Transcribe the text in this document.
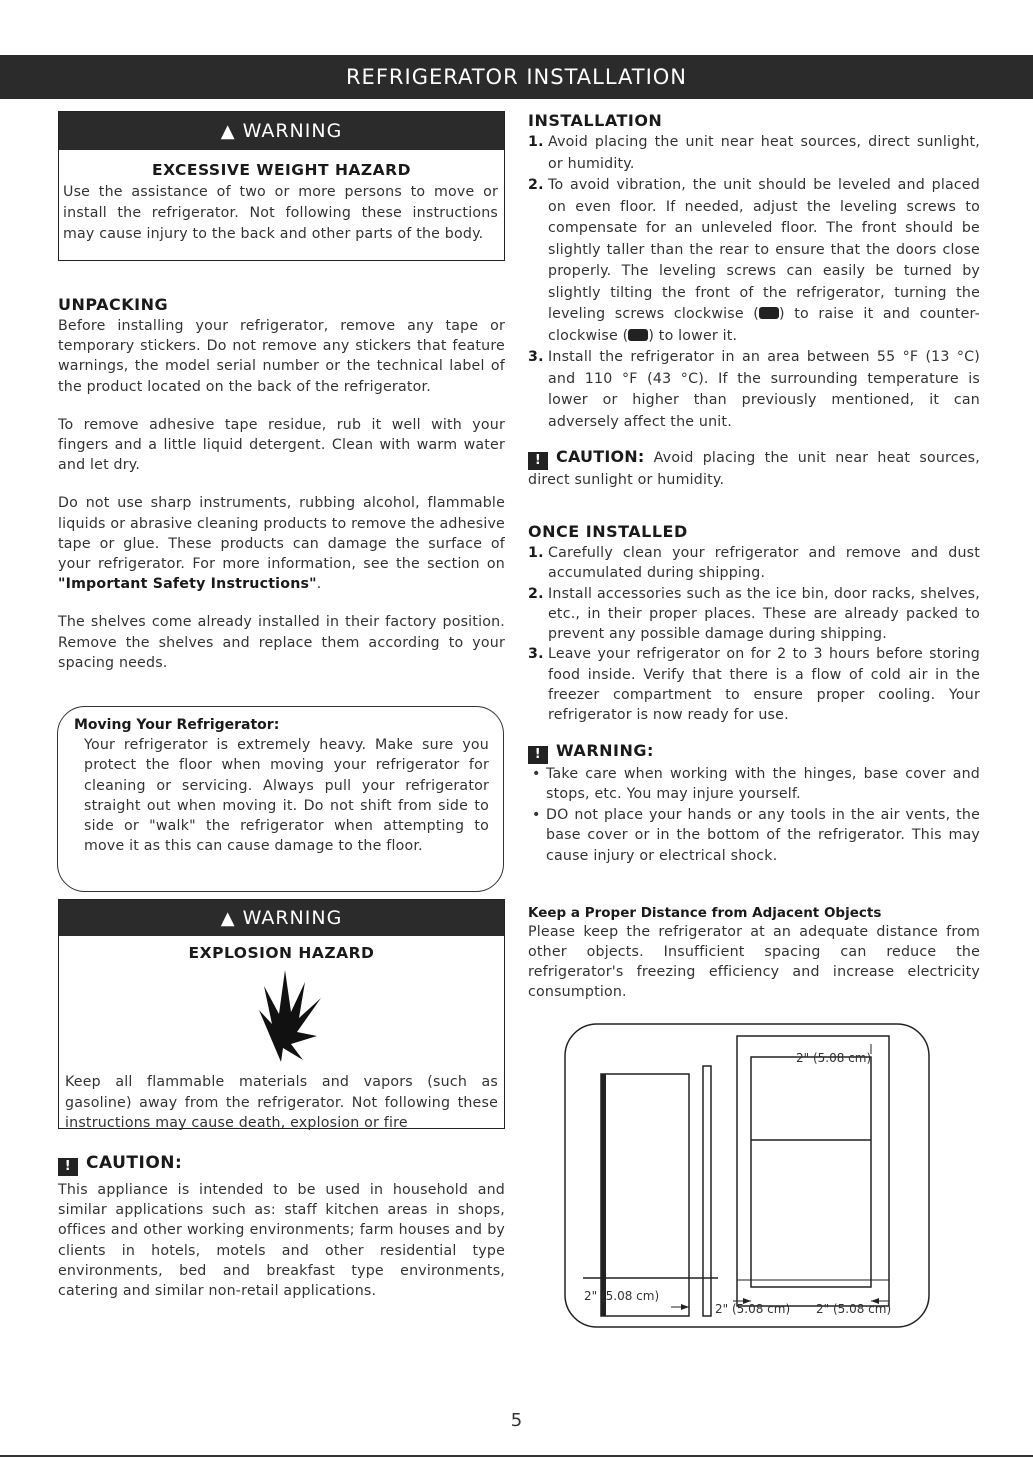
REFRIGERATOR INSTALLATION
▲ WARNING
EXCESSIVE WEIGHT HAZARD

Use the assistance of two or more persons to move or install the refrigerator. Not following these instructions may cause injury to the back and other parts of the body.

UNPACKING

Before installing your refrigerator, remove any tape or temporary stickers. Do not remove any stickers that feature warnings, the model serial number or the technical label of the product located on the back of the refrigerator.

To remove adhesive tape residue, rub it well with your fingers and a little liquid detergent. Clean with warm water and let dry.

Do not use sharp instruments, rubbing alcohol, flammable liquids or abrasive cleaning products to remove the adhesive tape or glue. These products can damage the surface of your refrigerator. For more information, see the section on "Important Safety Instructions".

The shelves come already installed in their factory position. Remove the shelves and replace them according to your spacing needs.

Moving Your Refrigerator:

Your refrigerator is extremely heavy. Make sure you protect the floor when moving your refrigerator for cleaning or servicing. Always pull your refrigerator straight out when moving it. Do not shift from side to side or "walk" the refrigerator when attempting to move it as this can cause damage to the floor.

▲ WARNING
EXPLOSION HAZARD

Keep all flammable materials and vapors (such as gasoline) away from the refrigerator. Not following these instructions may cause death, explosion or fire

! CAUTION:

This appliance is intended to be used in household and similar applications such as: staff kitchen areas in shops, offices and other working environments; farm houses and by clients in hotels, motels and other residential type environments, bed and breakfast type environments, catering and similar non-retail applications.

INSTALLATION
1. Avoid placing the unit near heat sources, direct sunlight, or humidity.
2. To avoid vibration, the unit should be leveled and placed on even floor. If needed, adjust the leveling screws to compensate for an unleveled floor. The front should be slightly taller than the rear to ensure that the doors close properly. The leveling screws can easily be turned by slightly tilting the front of the refrigerator, turning the leveling screws clockwise ( ) to raise it and counter-clockwise ( ) to lower it.
3. Install the refrigerator in an area between 55 °F (13 °C) and 110 °F (43 °C). If the surrounding temperature is lower or higher than previously mentioned, it can adversely affect the unit.

! CAUTION: Avoid placing the unit near heat sources, direct sunlight or humidity.

ONCE INSTALLED
1. Carefully clean your refrigerator and remove and dust accumulated during shipping.
2. Install accessories such as the ice bin, door racks, shelves, etc., in their proper places. These are already packed to prevent any possible damage during shipping.
3. Leave your refrigerator on for 2 to 3 hours before storing food inside. Verify that there is a flow of cold air in the freezer compartment to ensure proper cooling. Your refrigerator is now ready for use.
! WARNING:
• Take care when working with the hinges, base cover and stops, etc. You may injure yourself.
• DO not place your hands or any tools in the air vents, the base cover or in the bottom of the refrigerator. This may cause injury or electrical shock.
Keep a Proper Distance from Adjacent Objects

Please keep the refrigerator at an adequate distance from other objects. Insufficient spacing can reduce the refrigerator's freezing efficiency and increase electricity consumption.

2" (5.08 cm)
2" (5.08 cm)
2" (5.08 cm) 2" (5.08 cm)
5
